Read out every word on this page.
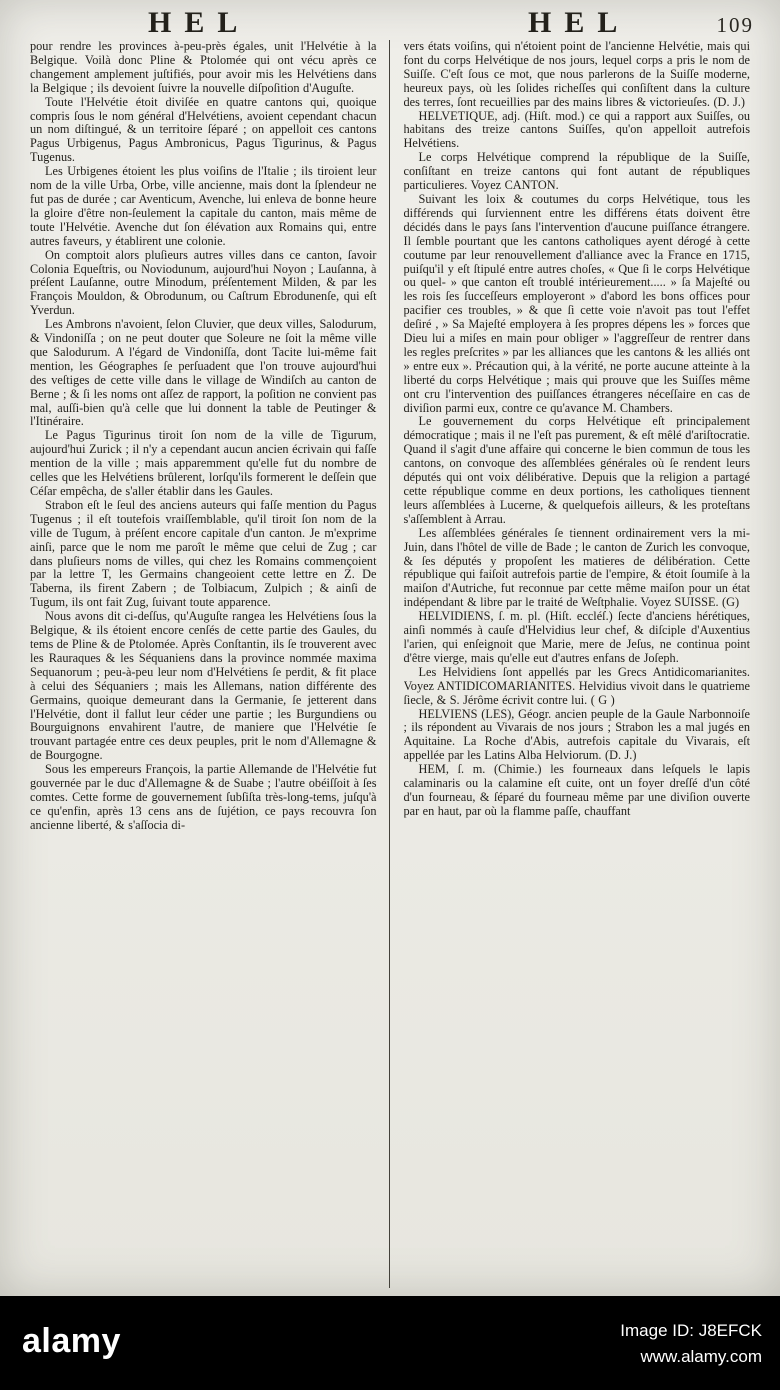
HEL	HEL	109

pour rendre les provinces à-peu-près égales, unit l'Helvétie à la Belgique. Voilà donc Pline & Ptolomée qui ont vécu après ce changement amplement juſtifiés, pour avoir mis les Helvétiens dans la Belgique ; ils devoient ſuivre la nouvelle diſpoſition d'Auguſte.

Toute l'Helvétie étoit diviſée en quatre cantons qui, quoique compris ſous le nom général d'Helvétiens, avoient cependant chacun un nom diſtingué, & un territoire ſéparé ; on appelloit ces cantons Pagus Urbigenus, Pagus Ambronicus, Pagus Tigurinus, & Pagus Tugenus.

Les Urbigenes étoient les plus voiſins de l'Italie ; ils tiroient leur nom de la ville Urba, Orbe, ville ancienne, mais dont la ſplendeur ne fut pas de durée ; car Aventicum, Avenche, lui enleva de bonne heure la gloire d'être non-ſeulement la capitale du canton, mais même de toute l'Helvétie. Avenche dut ſon élévation aux Romains qui, entre autres faveurs, y établirent une colonie.

On comptoit alors pluſieurs autres villes dans ce canton, ſavoir Colonia Equeſtris, ou Noviodunum, aujourd'hui Noyon ; Lauſanna, à préſent Lauſanne, outre Minodum, préſentement Milden, & par les François Mouldon, & Obrodunum, ou Caſtrum Ebrodunenſe, qui eſt Yverdun.

Les Ambrons n'avoient, ſelon Cluvier, que deux villes, Salodurum, & Vindoniſſa ; on ne peut douter que Soleure ne ſoit la même ville que Salodurum. A l'égard de Vindoniſſa, dont Tacite lui-même fait mention, les Géographes ſe perſuadent que l'on trouve aujourd'hui des veſtiges de cette ville dans le village de Windiſch au canton de Berne ; & ſi les noms ont aſſez de rapport, la poſition ne convient pas mal, auſſi-bien qu'à celle que lui donnent la table de Peutinger & l'Itinéraire.

Le Pagus Tigurinus tiroit ſon nom de la ville de Tigurum, aujourd'hui Zurick ; il n'y a cependant aucun ancien écrivain qui faſſe mention de la ville ; mais apparemment qu'elle fut du nombre de celles que les Helvétiens brûlerent, lorſqu'ils formerent le deſſein que Céſar empêcha, de s'aller établir dans les Gaules.

Strabon eſt le ſeul des anciens auteurs qui faſſe mention du Pagus Tugenus ; il eſt toutefois vraiſſemblable, qu'il tiroit ſon nom de la ville de Tugum, à préſent encore capitale d'un canton. Je m'exprime ainſi, parce que le nom me paroît le même que celui de Zug ; car dans pluſieurs noms de villes, qui chez les Romains commençoient par la lettre T, les Germains changeoient cette lettre en Z. De Taberna, ils firent Zabern ; de Tolbiacum, Zulpich ; & ainſi de Tugum, ils ont fait Zug, ſuivant toute apparence.

Nous avons dit ci-deſſus, qu'Auguſte rangea les Helvétiens ſous la Belgique, & ils étoient encore cenſés de cette partie des Gaules, du tems de Pline & de Ptolomée. Après Conſtantin, ils ſe trouverent avec les Rauraques & les Séquaniens dans la province nommée maxima Sequanorum ; peu-à-peu leur nom d'Helvétiens ſe perdit, & fit place à celui des Séquaniers ; mais les Allemans, nation différente des Germains, quoique demeurant dans la Germanie, ſe jetterent dans l'Helvétie, dont il fallut leur céder une partie ; les Burgundiens ou Bourguignons envahirent l'autre, de maniere que l'Helvétie ſe trouvant partagée entre ces deux peuples, prit le nom d'Allemagne & de Bourgogne.

Sous les empereurs François, la partie Allemande de l'Helvétie fut gouvernée par le duc d'Allemagne & de Suabe ; l'autre obéiſſoit à ſes comtes. Cette forme de gouvernement ſubſiſta très-long-tems, juſqu'à ce qu'enfin, après 13 cens ans de ſujétion, ce pays recouvra ſon ancienne liberté, & s'aſſocia di-

vers états voiſins, qui n'étoient point de l'ancienne Helvétie, mais qui font du corps Helvétique de nos jours, lequel corps a pris le nom de Suiſſe. C'eſt ſous ce mot, que nous parlerons de la Suiſſe moderne, heureux pays, où les ſolides richeſſes qui conſiſtent dans la culture des terres, ſont recueillies par des mains libres & victorieuſes. (D. J.)

HELVETIQUE, adj. (Hiſt. mod.) ce qui a rapport aux Suiſſes, ou habitans des treize cantons Suiſſes, qu'on appelloit autrefois Helvétiens.

Le corps Helvétique comprend la république de la Suiſſe, conſiſtant en treize cantons qui font autant de républiques particulieres. Voyez CANTON.

Suivant les loix & coutumes du corps Helvétique, tous les différends qui ſurviennent entre les différens états doivent être décidés dans le pays ſans l'intervention d'aucune puiſſance étrangere. Il ſemble pourtant que les cantons catholiques ayent dérogé à cette coutume par leur renouvellement d'alliance avec la France en 1715, puiſqu'il y eſt ſtipulé entre autres choſes, « Que ſi le corps Helvétique ou quel- » que canton eſt troublé intérieurement..... » ſa Majeſté ou les rois ſes ſucceſſeurs employeront » d'abord les bons offices pour pacifier ces troubles, » & que ſi cette voie n'avoit pas tout l'effet deſiré , » Sa Majeſté employera à ſes propres dépens les » forces que Dieu lui a miſes en main pour obliger » l'aggreſſeur de rentrer dans les regles preſcrites » par les alliances que les cantons & les alliés ont » entre eux ». Précaution qui, à la vérité, ne porte aucune atteinte à la liberté du corps Helvétique ; mais qui prouve que les Suiſſes même ont cru l'intervention des puiſſances étrangeres néceſſaire en cas de diviſion parmi eux, contre ce qu'avance M. Chambers.

Le gouvernement du corps Helvétique eſt principalement démocratique ; mais il ne l'eſt pas purement, & eſt mêlé d'ariſtocratie. Quand il s'agit d'une affaire qui concerne le bien commun de tous les cantons, on convoque des aſſemblées générales où ſe rendent leurs députés qui ont voix délibérative. Depuis que la religion a partagé cette république comme en deux portions, les catholiques tiennent leurs aſſemblées à Lucerne, & quelquefois ailleurs, & les proteſtans s'aſſemblent à Arrau.

Les aſſemblées générales ſe tiennent ordinairement vers la mi-Juin, dans l'hôtel de ville de Bade ; le canton de Zurich les convoque, & ſes députés y propoſent les matieres de délibération. Cette république qui faiſoit autrefois partie de l'empire, & étoit ſoumiſe à la maiſon d'Autriche, fut reconnue par cette même maiſon pour un état indépendant & libre par le traité de Weſtphalie. Voyez SUISSE. (G)

HELVIDIENS, ſ. m. pl. (Hiſt. eccléſ.) ſecte d'anciens hérétiques, ainſi nommés à cauſe d'Helvidius leur chef, & diſciple d'Auxentius l'arien, qui enſeignoit que Marie, mere de Jeſus, ne continua point d'être vierge, mais qu'elle eut d'autres enfans de Joſeph.

Les Helvidiens ſont appellés par les Grecs Antidicomarianites. Voyez ANTIDICOMARIANITES. Helvidius vivoit dans le quatrieme ſiecle, & S. Jérôme écrivit contre lui. ( G )

HELVIENS (LES), Géogr. ancien peuple de la Gaule Narbonnoiſe ; ils répondent au Vivarais de nos jours ; Strabon les a mal jugés en Aquitaine. La Roche d'Abis, autrefois capitale du Vivarais, eſt appellée par les Latins Alba Helviorum. (D. J.)

HEM, ſ. m. (Chimie.) les fourneaux dans leſquels le lapis calaminaris ou la calamine eſt cuite, ont un foyer dreſſé d'un côté d'un fourneau, & ſéparé du fourneau même par une diviſion ouverte par en haut, par où la flamme paſſe, chauffant

alamy	Image ID: J8EFCK
www.alamy.com
